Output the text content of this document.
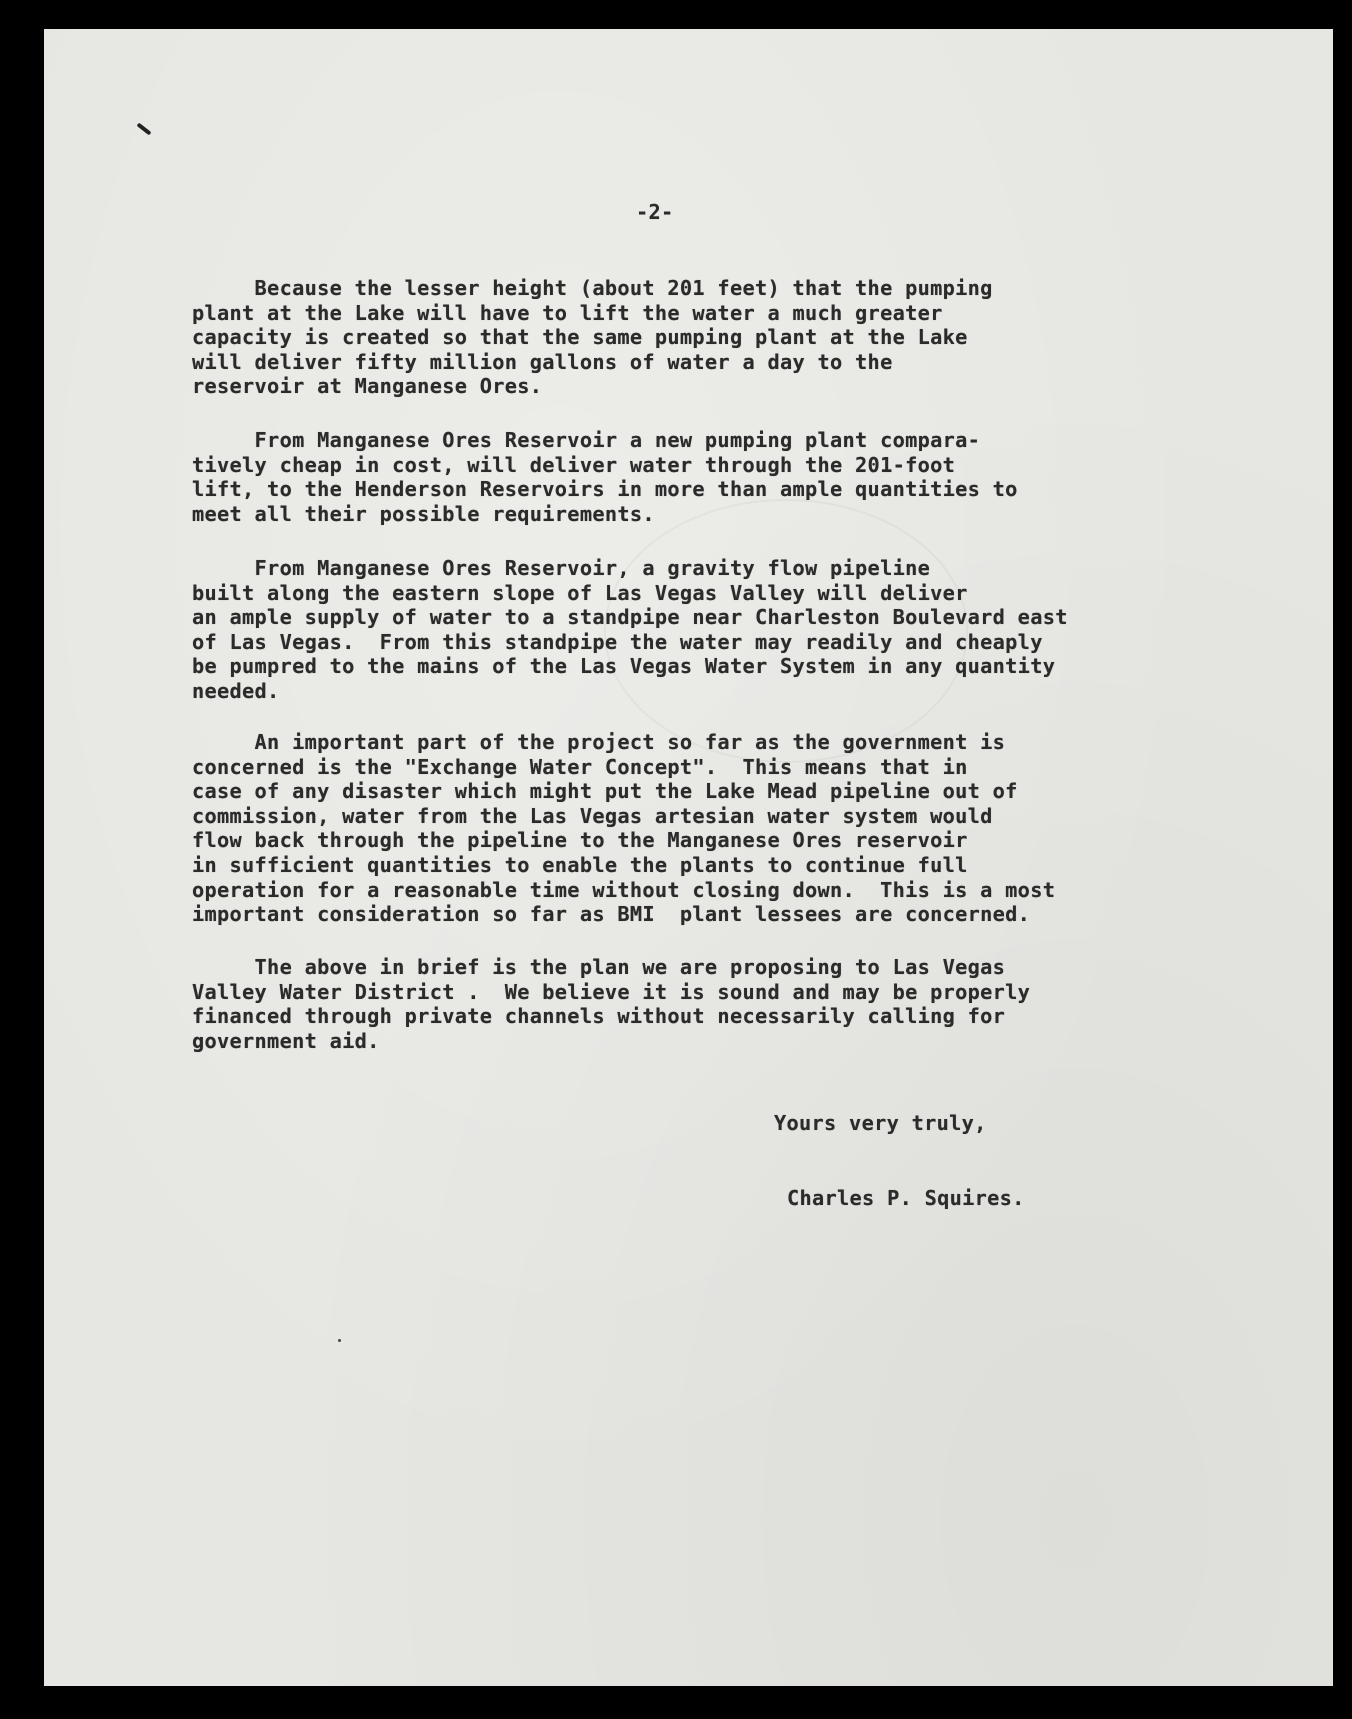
-2-
Because the lesser height (about 201 feet) that the pumping
plant at the Lake will have to lift the water a much greater
capacity is created so that the same pumping plant at the Lake
will deliver fifty million gallons of water a day to the
reservoir at Manganese Ores.
From Manganese Ores Reservoir a new pumping plant compara-
tively cheap in cost, will deliver water through the 201-foot
lift, to the Henderson Reservoirs in more than ample quantities to
meet all their possible requirements.
From Manganese Ores Reservoir, a gravity flow pipeline
built along the eastern slope of Las Vegas Valley will deliver
an ample supply of water to a standpipe near Charleston Boulevard east
of Las Vegas.  From this standpipe the water may readily and cheaply
be pumpred to the mains of the Las Vegas Water System in any quantity
needed.
An important part of the project so far as the government is
concerned is the "Exchange Water Concept".  This means that in
case of any disaster which might put the Lake Mead pipeline out of
commission, water from the Las Vegas artesian water system would
flow back through the pipeline to the Manganese Ores reservoir
in sufficient quantities to enable the plants to continue full
operation for a reasonable time without closing down.  This is a most
important consideration so far as BMI  plant lessees are concerned.
The above in brief is the plan we are proposing to Las Vegas
Valley Water District .  We believe it is sound and may be properly
financed through private channels without necessarily calling for
government aid.
Yours very truly,
Charles P. Squires.
